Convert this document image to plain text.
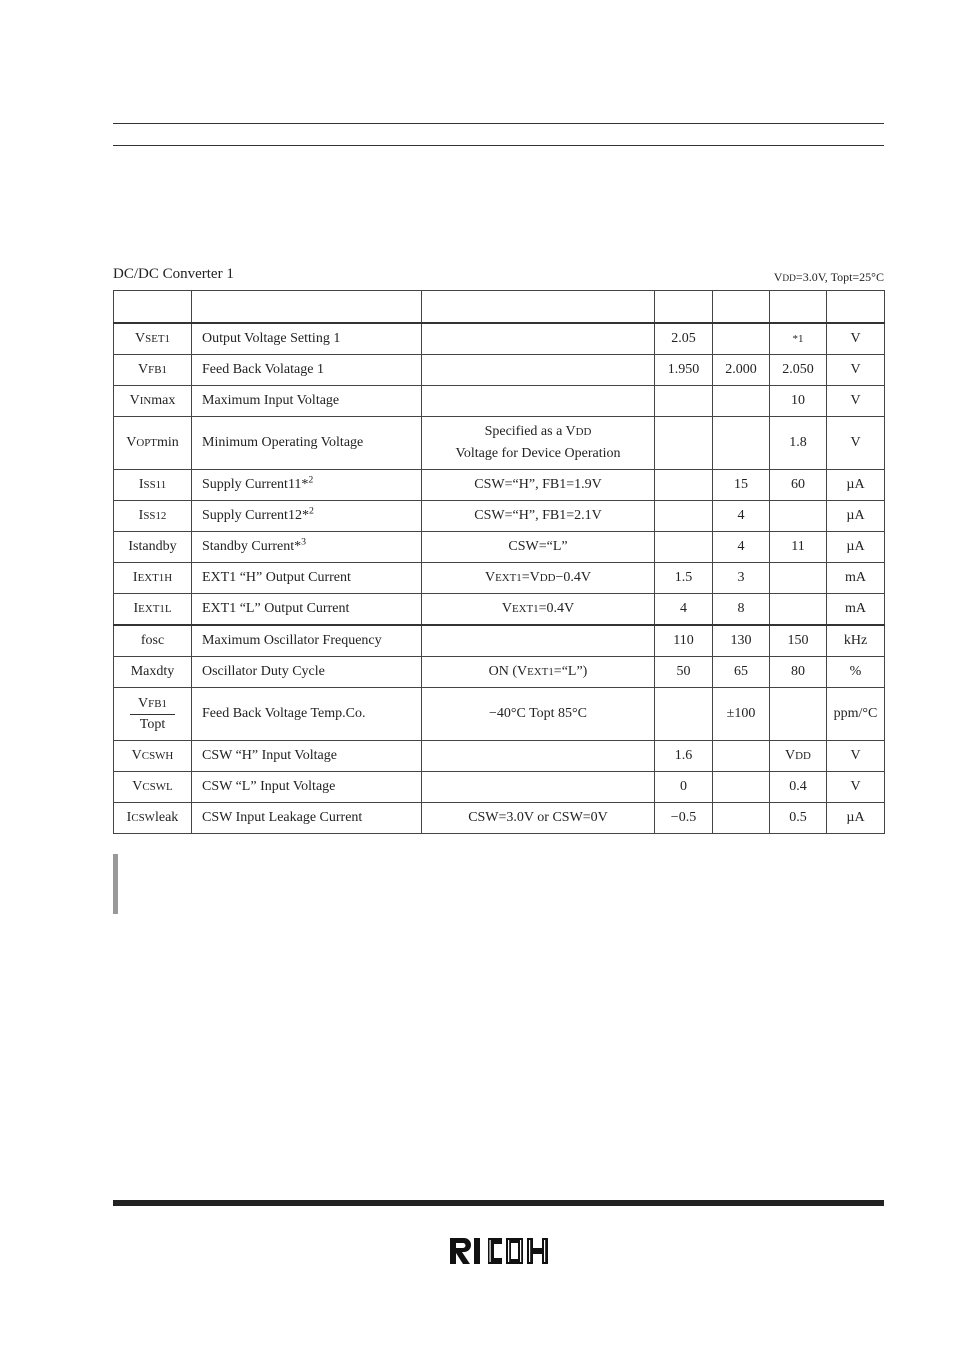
DC/DC Converter 1	VDD=3.0V, Topt=25°C

VSET1	Output Voltage Setting 1		2.05		*1	V
VFB1	Feed Back Volatage 1		1.950	2.000	2.050	V
VINmax	Maximum Input Voltage				10	V
VOPTmin	Minimum Operating Voltage	Specified as a VDD
Voltage for Device Operation			1.8	V
ISS11	Supply Current11*$^2$	CSW=“H”, FB1=1.9V		15	60	µA
ISS12	Supply Current12*$^2$	CSW=“H”, FB1=2.1V		4		µA
Istandby	Standby Current*$^3$	CSW=“L”		4	11	µA
IEXT1H	EXT1 “H” Output Current	VEXT1=VDD−0.4V	1.5	3		mA
IEXT1L	EXT1 “L” Output Current	VEXT1=0.4V	4	8		mA
fosc	Maximum Oscillator Frequency		110	130	150	kHz
Maxdty	Oscillator Duty Cycle	ON (VEXT1=“L”)	50	65	80	%

$\frac{\text{VFB1}}{\text{Topt}}$	Feed Back Voltage Temp.Co.	−40°C Topt 85°C		±100		ppm/°C
VCSWH	CSW “H” Input Voltage		1.6		VDD	V
VCSWL	CSW “L” Input Voltage		0		0.4	V
ICSWleak	CSW Input Leakage Current	CSW=3.0V or CSW=0V	−0.5		0.5	µA
RICOH
